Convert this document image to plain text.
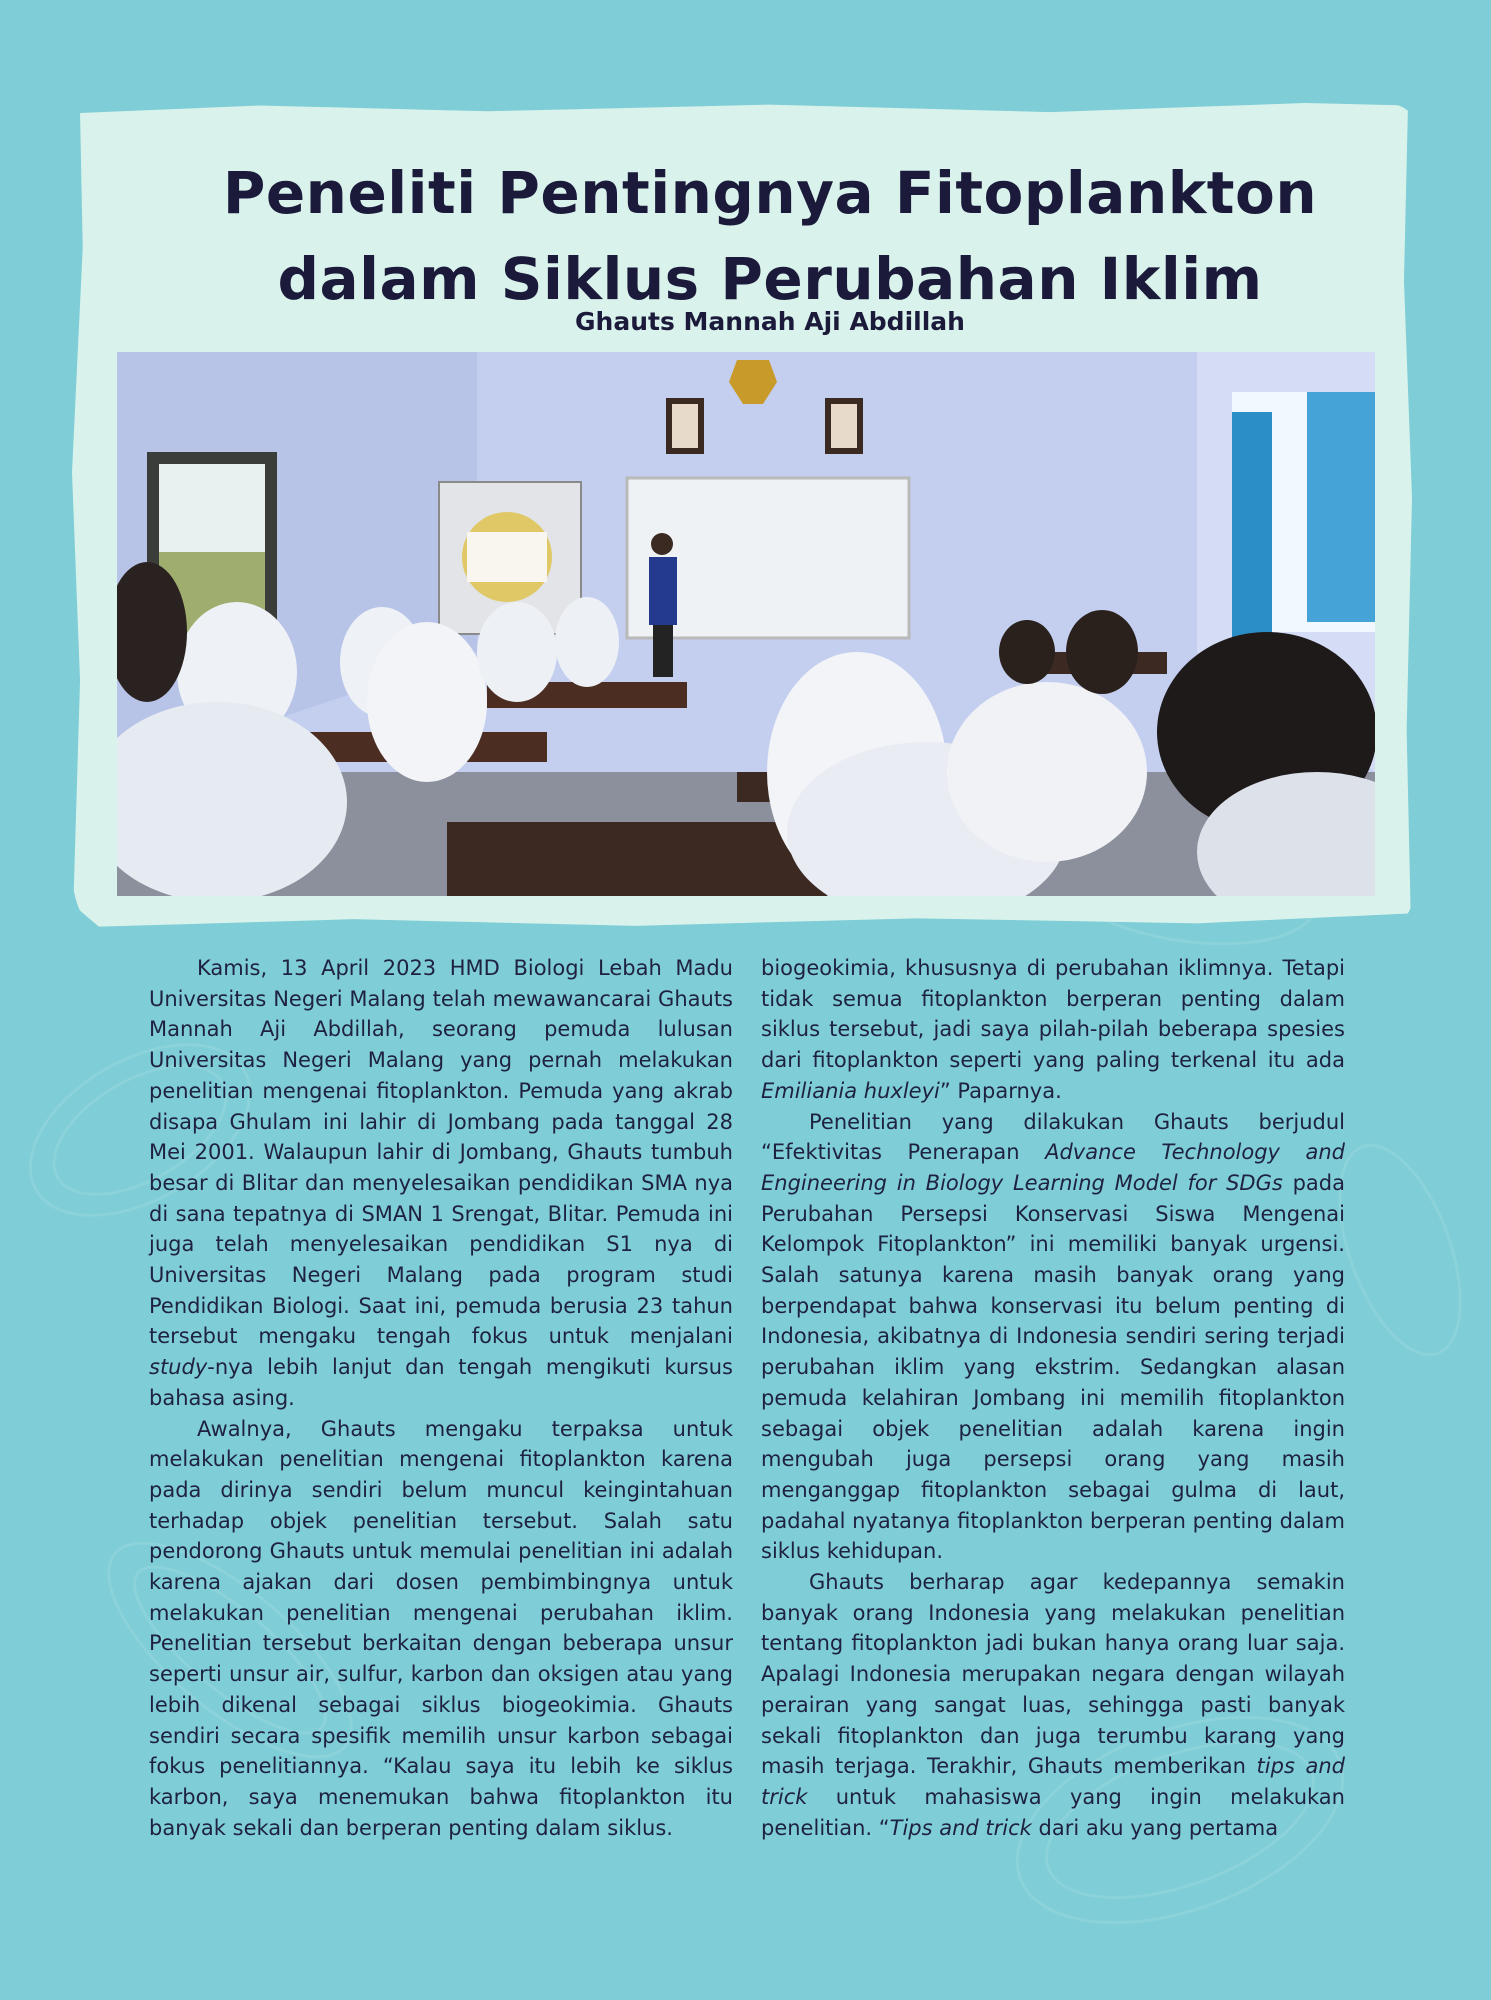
Peneliti Pentingnya Fitoplankton
dalam Siklus Perubahan Iklim
Ghauts Mannah Aji Abdillah

Kamis, 13 April 2023 HMD Biologi Lebah Madu Universitas Negeri Malang telah mewawancarai Ghauts Mannah Aji Abdillah, seorang pemuda lulusan Universitas Negeri Malang yang pernah melakukan penelitian mengenai fitoplankton. Pemuda yang akrab disapa Ghulam ini lahir di Jombang pada tanggal 28 Mei 2001. Walaupun lahir di Jombang, Ghauts tumbuh besar di Blitar dan menyelesaikan pendidikan SMA nya di sana tepatnya di SMAN 1 Srengat, Blitar. Pemuda ini juga telah menyelesaikan pendidikan S1 nya di Universitas Negeri Malang pada program studi Pendidikan Biologi. Saat ini, pemuda berusia 23 tahun tersebut mengaku tengah fokus untuk menjalani study-nya lebih lanjut dan tengah mengikuti kursus bahasa asing.

Awalnya, Ghauts mengaku terpaksa untuk melakukan penelitian mengenai fitoplankton karena pada dirinya sendiri belum muncul keingintahuan terhadap objek penelitian tersebut. Salah satu pendorong Ghauts untuk memulai penelitian ini adalah karena ajakan dari dosen pembimbingnya untuk melakukan penelitian mengenai perubahan iklim. Penelitian tersebut berkaitan dengan beberapa unsur seperti unsur air, sulfur, karbon dan oksigen atau yang lebih dikenal sebagai siklus biogeokimia. Ghauts sendiri secara spesifik memilih unsur karbon sebagai fokus penelitiannya. “Kalau saya itu lebih ke siklus karbon, saya menemukan bahwa fitoplankton itu banyak sekali dan berperan penting dalam siklus.

biogeokimia, khususnya di perubahan iklimnya. Tetapi tidak semua fitoplankton berperan penting dalam siklus tersebut, jadi saya pilah-pilah beberapa spesies dari fitoplankton seperti yang paling terkenal itu ada Emiliania huxleyi” Paparnya.

Penelitian yang dilakukan Ghauts berjudul “Efektivitas Penerapan Advance Technology and Engineering in Biology Learning Model for SDGs pada Perubahan Persepsi Konservasi Siswa Mengenai Kelompok Fitoplankton” ini memiliki banyak urgensi. Salah satunya karena masih banyak orang yang berpendapat bahwa konservasi itu belum penting di Indonesia, akibatnya di Indonesia sendiri sering terjadi perubahan iklim yang ekstrim. Sedangkan alasan pemuda kelahiran Jombang ini memilih fitoplankton sebagai objek penelitian adalah karena ingin mengubah juga persepsi orang yang masih menganggap fitoplankton sebagai gulma di laut, padahal nyatanya fitoplankton berperan penting dalam siklus kehidupan.

Ghauts berharap agar kedepannya semakin banyak orang Indonesia yang melakukan penelitian tentang fitoplankton jadi bukan hanya orang luar saja. Apalagi Indonesia merupakan negara dengan wilayah perairan yang sangat luas, sehingga pasti banyak sekali fitoplankton dan juga terumbu karang yang masih terjaga. Terakhir, Ghauts memberikan tips and trick untuk mahasiswa yang ingin melakukan penelitian. “Tips and trick dari aku yang pertama
